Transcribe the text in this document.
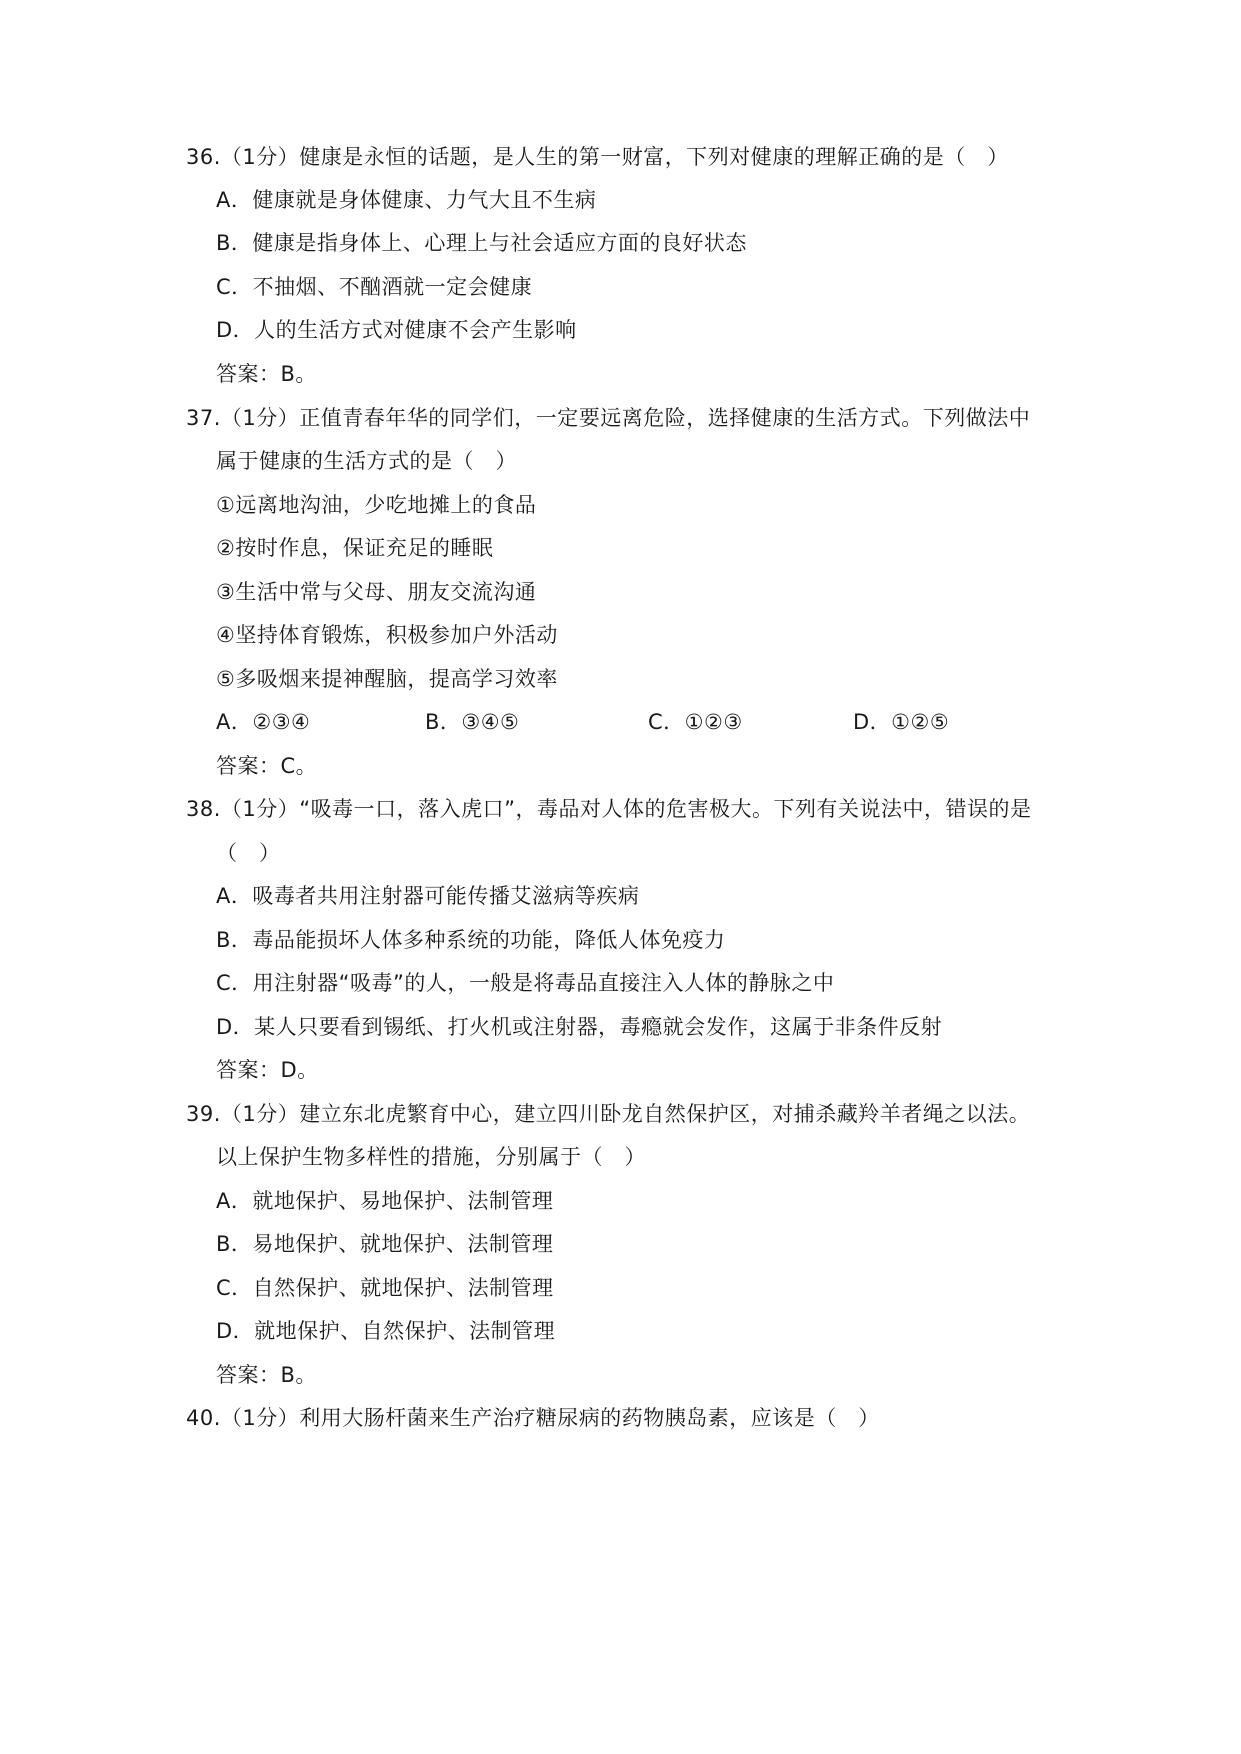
36.（1分）健康是永恒的话题，是人生的第一财富，下列对健康的理解正确的是（　）
A．健康就是身体健康、力气大且不生病
B．健康是指身体上、心理上与社会适应方面的良好状态
C．不抽烟、不酗酒就一定会健康
D．人的生活方式对健康不会产生影响
答案：B。
37.（1分）正值青春年华的同学们，一定要远离危险，选择健康的生活方式。下列做法中
属于健康的生活方式的是（　）
①远离地沟油，少吃地摊上的食品
②按时作息，保证充足的睡眠
③生活中常与父母、朋友交流沟通
④坚持体育锻炼，积极参加户外活动
⑤多吸烟来提神醒脑，提高学习效率
A．②③④	B．③④⑤	C．①②③	D．①②⑤
答案：C。
38.（1分）“吸毒一口，落入虎口”，毒品对人体的危害极大。下列有关说法中，错误的是
（　）
A．吸毒者共用注射器可能传播艾滋病等疾病
B．毒品能损坏人体多种系统的功能，降低人体免疫力
C．用注射器“吸毒”的人，一般是将毒品直接注入人体的静脉之中
D．某人只要看到锡纸、打火机或注射器，毒瘾就会发作，这属于非条件反射
答案：D。
39.（1分）建立东北虎繁育中心，建立四川卧龙自然保护区，对捕杀藏羚羊者绳之以法。
以上保护生物多样性的措施，分别属于（　）
A．就地保护、易地保护、法制管理
B．易地保护、就地保护、法制管理
C．自然保护、就地保护、法制管理
D．就地保护、自然保护、法制管理
答案：B。
40.（1分）利用大肠杆菌来生产治疗糖尿病的药物胰岛素，应该是（　）
